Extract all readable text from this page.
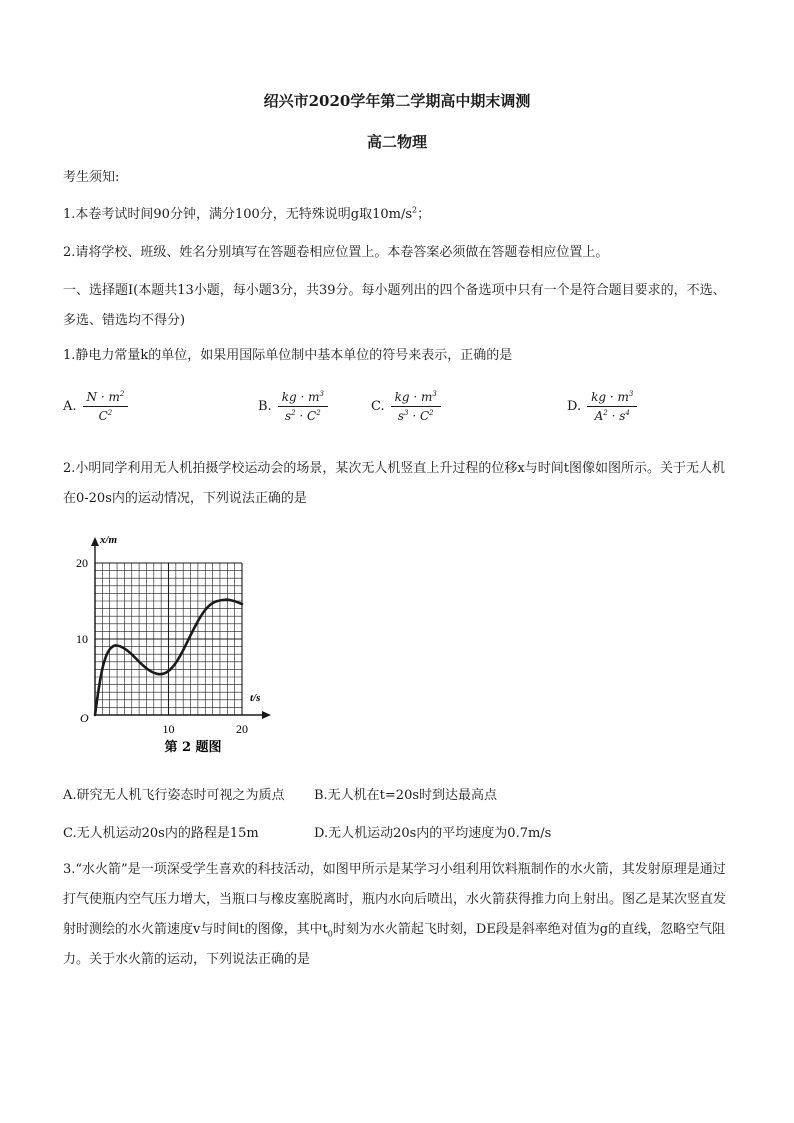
绍兴市2020学年第二学期高中期末调测
高二物理
考生须知:
1.本卷考试时间90分钟，满分100分，无特殊说明g取$10m/s^2$；
2.请将学校、班级、姓名分别填写在答题卷相应位置上。本卷答案必须做在答题卷相应位置上。
一、选择题Ⅰ(本题共13小题，每小题3分，共39分。每小题列出的四个备选项中只有一个是符合题目要求的，不选、多选、错选均不得分)
1.静电力常量k的单位，如果用国际单位制中基本单位的符号来表示，正确的是
A. $\frac{N \cdot m^2}{C^2}$	B. $\frac{kg \cdot m^3}{s^2 \cdot C^2}$	C. $\frac{kg \cdot m^3}{s^3 \cdot C^2}$	D. $\frac{kg \cdot m^3}{A^2 \cdot s^4}$
2.小明同学利用无人机拍摄学校运动会的场景，某次无人机竖直上升过程的位移x与时间t图像如图所示。关于无人机在0-20s内的运动情况，下列说法正确的是
x/m
t/s
O
10
20
10	20
第 2 题图
A.研究无人机飞行姿态时可视之为质点 B.无人机在t=20s时到达最高点
C.无人机运动20s内的路程是15m	D.无人机运动20s内的平均速度为0.7m/s
3.“水火箭”是一项深受学生喜欢的科技活动，如图甲所示是某学习小组利用饮料瓶制作的水火箭，其发射原理是通过打气使瓶内空气压力增大，当瓶口与橡皮塞脱离时，瓶内水向后喷出，水火箭获得推力向上射出。图乙是某次竖直发射时测绘的水火箭速度v与时间t的图像，其中$t_0$时刻为水火箭起飞时刻，DE段是斜率绝对值为g的直线，忽略空气阻力。关于水火箭的运动，下列说法正确的是
